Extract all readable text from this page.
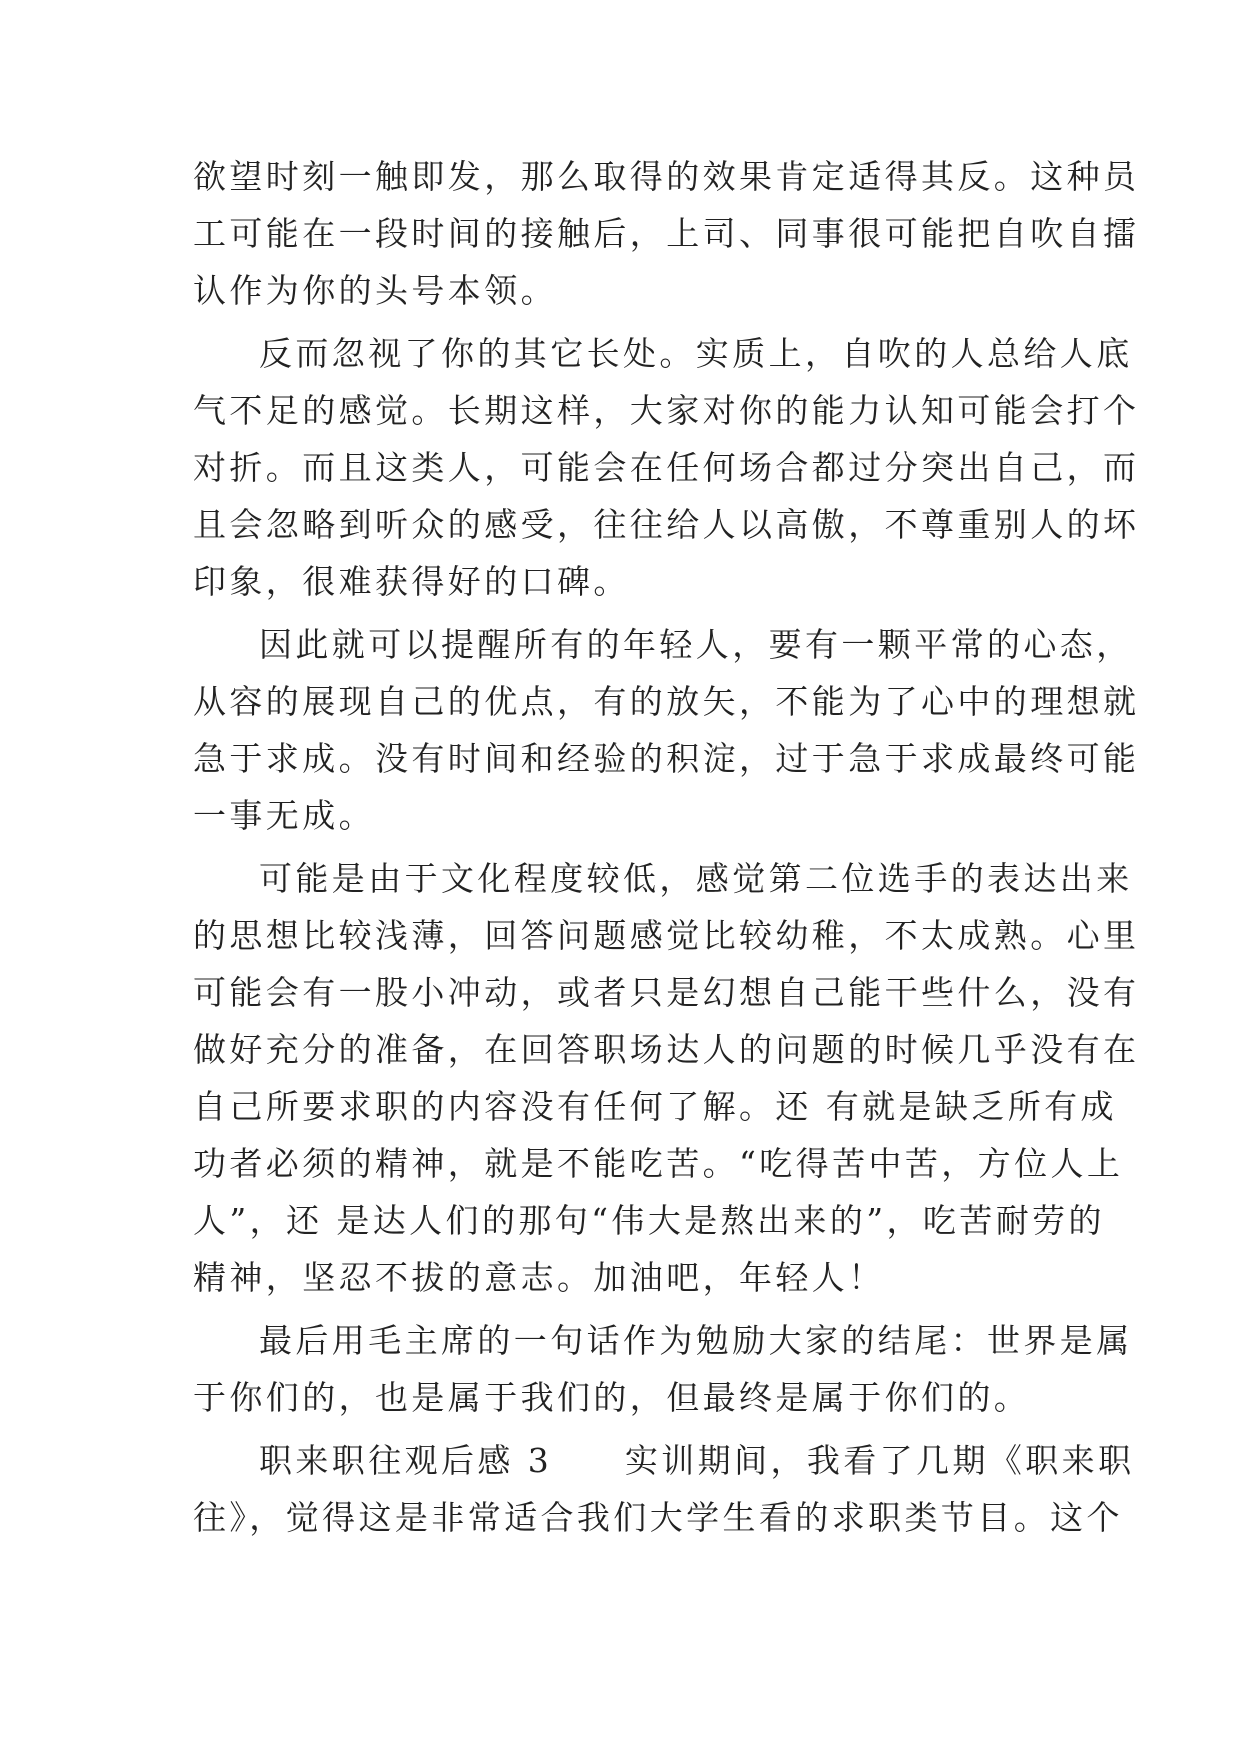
欲望时刻一触即发，那么取得的效果肯定适得其反。这种员
工可能在一段时间的接触后，上司、同事很可能把自吹自擂
认作为你的头号本领。
反而忽视了你的其它长处。实质上，自吹的人总给人底
气不足的感觉。长期这样，大家对你的能力认知可能会打个
对折。而且这类人，可能会在任何场合都过分突出自己，而
且会忽略到听众的感受，往往给人以高傲，不尊重别人的坏
印象，很难获得好的口碑。
因此就可以提醒所有的年轻人，要有一颗平常的心态，
从容的展现自己的优点，有的放矢，不能为了心中的理想就
急于求成。没有时间和经验的积淀，过于急于求成最终可能
一事无成。
可能是由于文化程度较低，感觉第二位选手的表达出来
的思想比较浅薄，回答问题感觉比较幼稚，不太成熟。心里
可能会有一股小冲动，或者只是幻想自己能干些什么，没有
做好充分的准备，在回答职场达人的问题的时候几乎没有在
自己所要求职的内容没有任何了解。还 有就是缺乏所有成
功者必须的精神，就是不能吃苦。“吃得苦中苦，方位人上
人”，还 是达人们的那句“伟大是熬出来的”，吃苦耐劳的
精神，坚忍不拔的意志。加油吧，年轻人！
最后用毛主席的一句话作为勉励大家的结尾：世界是属
于你们的，也是属于我们的，但最终是属于你们的。
职来职往观后感 3　　实训期间，我看了几期《职来职
往》，觉得这是非常适合我们大学生看的求职类节目。这个
